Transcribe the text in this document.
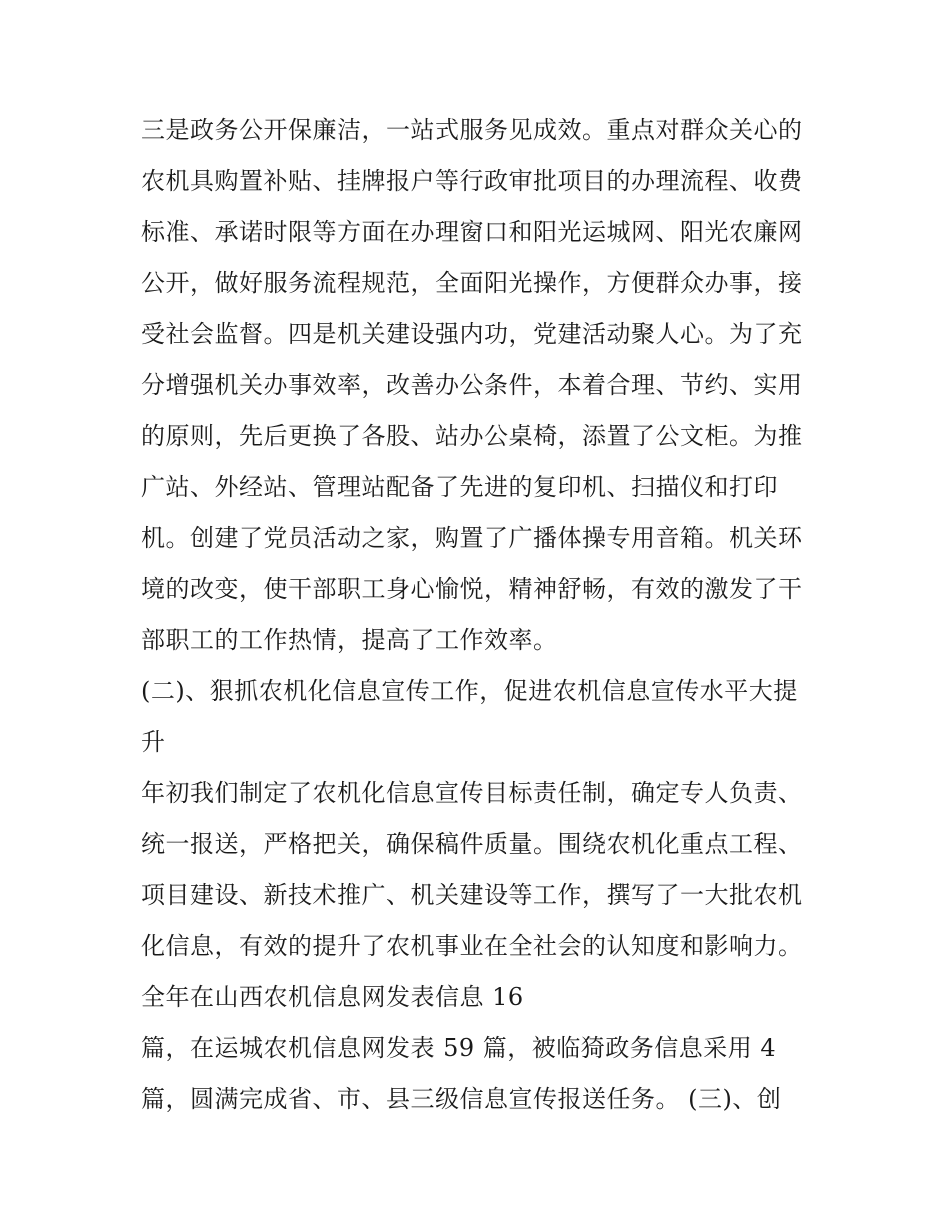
三是政务公开保廉洁，一站式服务见成效。重点对群众关心的
农机具购置补贴、挂牌报户等行政审批项目的办理流程、收费
标准、承诺时限等方面在办理窗口和阳光运城网、阳光农廉网
公开，做好服务流程规范，全面阳光操作，方便群众办事，接
受社会监督。四是机关建设强内功，党建活动聚人心。为了充
分增强机关办事效率，改善办公条件，本着合理、节约、实用
的原则，先后更换了各股、站办公桌椅，添置了公文柜。为推
广站、外经站、管理站配备了先进的复印机、扫描仪和打印
机。创建了党员活动之家，购置了广播体操专用音箱。机关环
境的改变，使干部职工身心愉悦，精神舒畅，有效的激发了干
部职工的工作热情，提高了工作效率。
(二)、狠抓农机化信息宣传工作，促进农机信息宣传水平大提
升
年初我们制定了农机化信息宣传目标责任制，确定专人负责、
统一报送，严格把关，确保稿件质量。围绕农机化重点工程、
项目建设、新技术推广、机关建设等工作，撰写了一大批农机
化信息，有效的提升了农机事业在全社会的认知度和影响力。
全年在山西农机信息网发表信息 16
篇，在运城农机信息网发表 59 篇，被临猗政务信息采用 4
篇，圆满完成省、市、县三级信息宣传报送任务。 (三)、创
